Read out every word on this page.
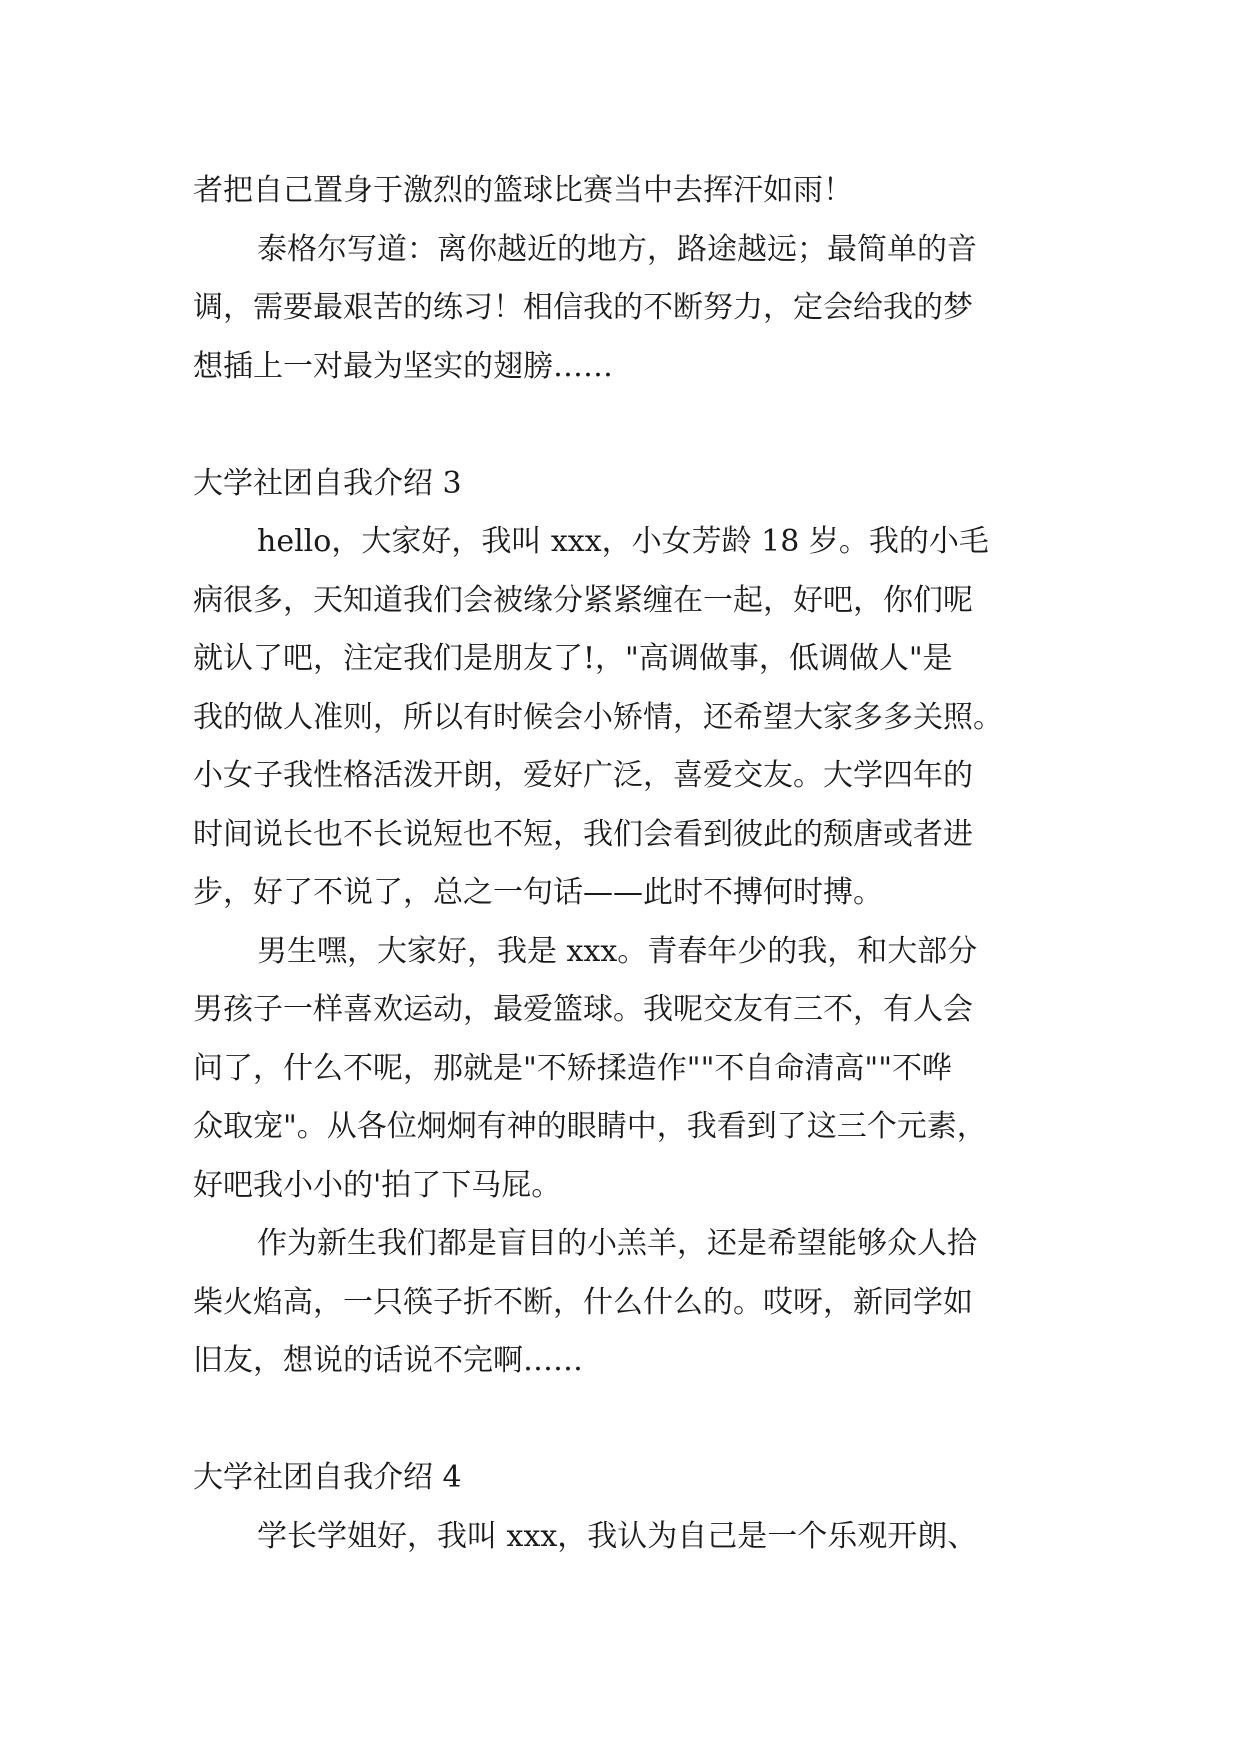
者把自己置身于激烈的篮球比赛当中去挥汗如雨！
泰格尔写道：离你越近的地方，路途越远；最简单的音
调，需要最艰苦的练习！相信我的不断努力，定会给我的梦
想插上一对最为坚实的翅膀……
大学社团自我介绍 3
hello，大家好，我叫 xxx，小女芳龄 18 岁。我的小毛
病很多，天知道我们会被缘分紧紧缠在一起，好吧，你们呢
就认了吧，注定我们是朋友了!，"高调做事，低调做人"是
我的做人准则，所以有时候会小矫情，还希望大家多多关照。
小女子我性格活泼开朗，爱好广泛，喜爱交友。大学四年的
时间说长也不长说短也不短，我们会看到彼此的颓唐或者进
步，好了不说了，总之一句话——此时不搏何时搏。
男生嘿，大家好，我是 xxx。青春年少的我，和大部分
男孩子一样喜欢运动，最爱篮球。我呢交友有三不，有人会
问了，什么不呢，那就是"不矫揉造作""不自命清高""不哗
众取宠"。从各位炯炯有神的眼睛中，我看到了这三个元素，
好吧我小小的'拍了下马屁。
作为新生我们都是盲目的小羔羊，还是希望能够众人拾
柴火焰高，一只筷子折不断，什么什么的。哎呀，新同学如
旧友，想说的话说不完啊……
大学社团自我介绍 4
学长学姐好，我叫 xxx，我认为自己是一个乐观开朗、
